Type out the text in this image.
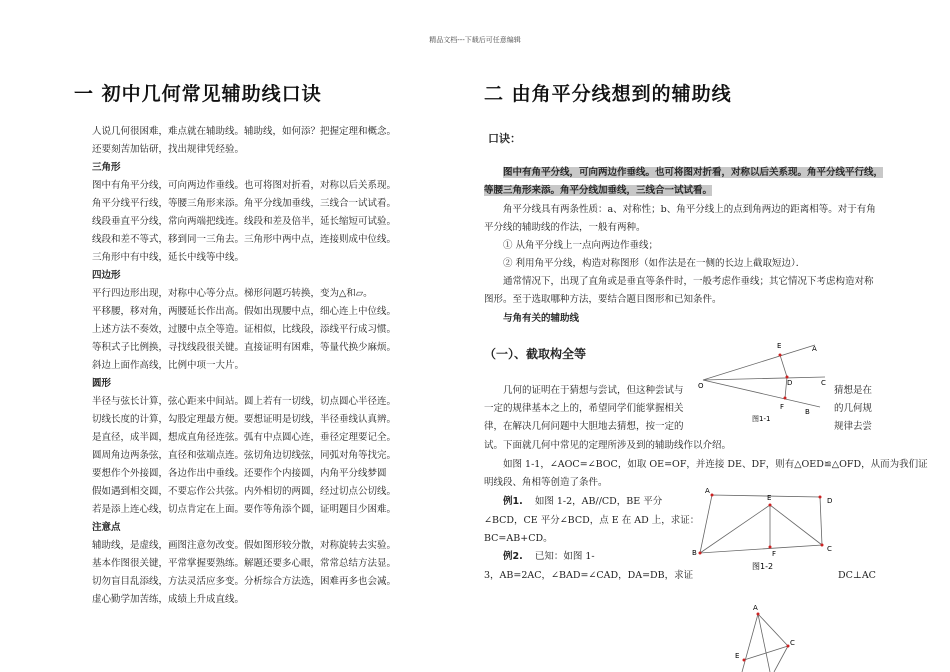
精品文档---下载后可任意编辑
一 初中几何常见辅助线口诀
人说几何很困难，难点就在辅助线。辅助线，如何添？把握定理和概念。
还要刻苦加钻研，找出规律凭经验。
三角形
图中有角平分线，可向两边作垂线。也可将图对折看，对称以后关系现。
角平分线平行线，等腰三角形来添。角平分线加垂线，三线合一试试看。
线段垂直平分线，常向两端把线连。线段和差及倍半，延长缩短可试验。
线段和差不等式，移到同一三角去。三角形中两中点，连接则成中位线。
三角形中有中线，延长中线等中线。
四边形
平行四边形出现，对称中心等分点。梯形问题巧转换，变为△和▱。
平移腰，移对角，两腰延长作出高。假如出现腰中点，细心连上中位线。
上述方法不奏效，过腰中点全等造。证相似，比线段，添线平行成习惯。
等积式子比例换，寻找线段很关键。直接证明有困难，等量代换少麻烦。
斜边上面作高线，比例中项一大片。
圆形
半径与弦长计算，弦心距来中间站。圆上若有一切线，切点圆心半径连。
切线长度的计算，勾股定理最方便。要想证明是切线，半径垂线认真辨。
是直径，成半圆，想成直角径连弦。弧有中点圆心连，垂径定理要记全。
圆周角边两条弦，直径和弦端点连。弦切角边切线弦，同弧对角等找完。
要想作个外接圆，各边作出中垂线。还要作个内接圆，内角平分线梦圆
假如遇到相交圆，不要忘作公共弦。内外相切的两圆，经过切点公切线。
若是添上连心线，切点肯定在上面。要作等角添个圆，证明题目少困难。
注意点
辅助线，是虚线，画图注意勿改变。假如图形较分散，对称旋转去实验。
基本作图很关键，平常掌握要熟练。解题还要多心眼，常常总结方法显。
切勿盲目乱添线，方法灵活应多变。分析综合方法选，困难再多也会减。
虚心勤学加苦练，成绩上升成直线。
二 由角平分线想到的辅助线
口诀：
图中有角平分线，可向两边作垂线。也可将图对折看，对称以后关系现。角平分线平行线，
等腰三角形来添。角平分线加垂线，三线合一试试看。
角平分线具有两条性质：a、对称性；b、角平分线上的点到角两边的距离相等。对于有角
平分线的辅助线的作法，一般有两种。
① 从角平分线上一点向两边作垂线；
② 利用角平分线，构造对称图形（如作法是在一侧的长边上截取短边）．
通常情况下，出现了直角或是垂直等条件时，一般考虑作垂线；其它情况下考虑构造对称
图形。至于选取哪种方法，要结合题目图形和已知条件。
与角有关的辅助线
（一）、截取构全等
几何的证明在于猜想与尝试，但这种尝试与	猜想是在
一定的规律基本之上的，希望同学们能掌握相关	的几何规
律，在解决几何问题中大胆地去猜想，按一定的	规律去尝
试。下面就几何中常见的定理所涉及到的辅助线作以介绍。
如图 1-1，∠AOC=∠BOC，如取 OE=OF，并连接 DE、DF，则有△OED≌△OFD，从而为我们证
明线段、角相等创造了条件。
例1. 如图 1-2，AB//CD，BE 平分
∠BCD，CE 平分∠BCD，点 E 在 AD 上，求证：
BC=AB+CD。
例2. 已知：如图 1-
3，AB=2AC，∠BAD=∠CAD，DA=DB，求证	DC⊥AC
O
E	A
D	C
F
B
图1-1
A
E	D
B	F
C
图1-2
A
C
E
